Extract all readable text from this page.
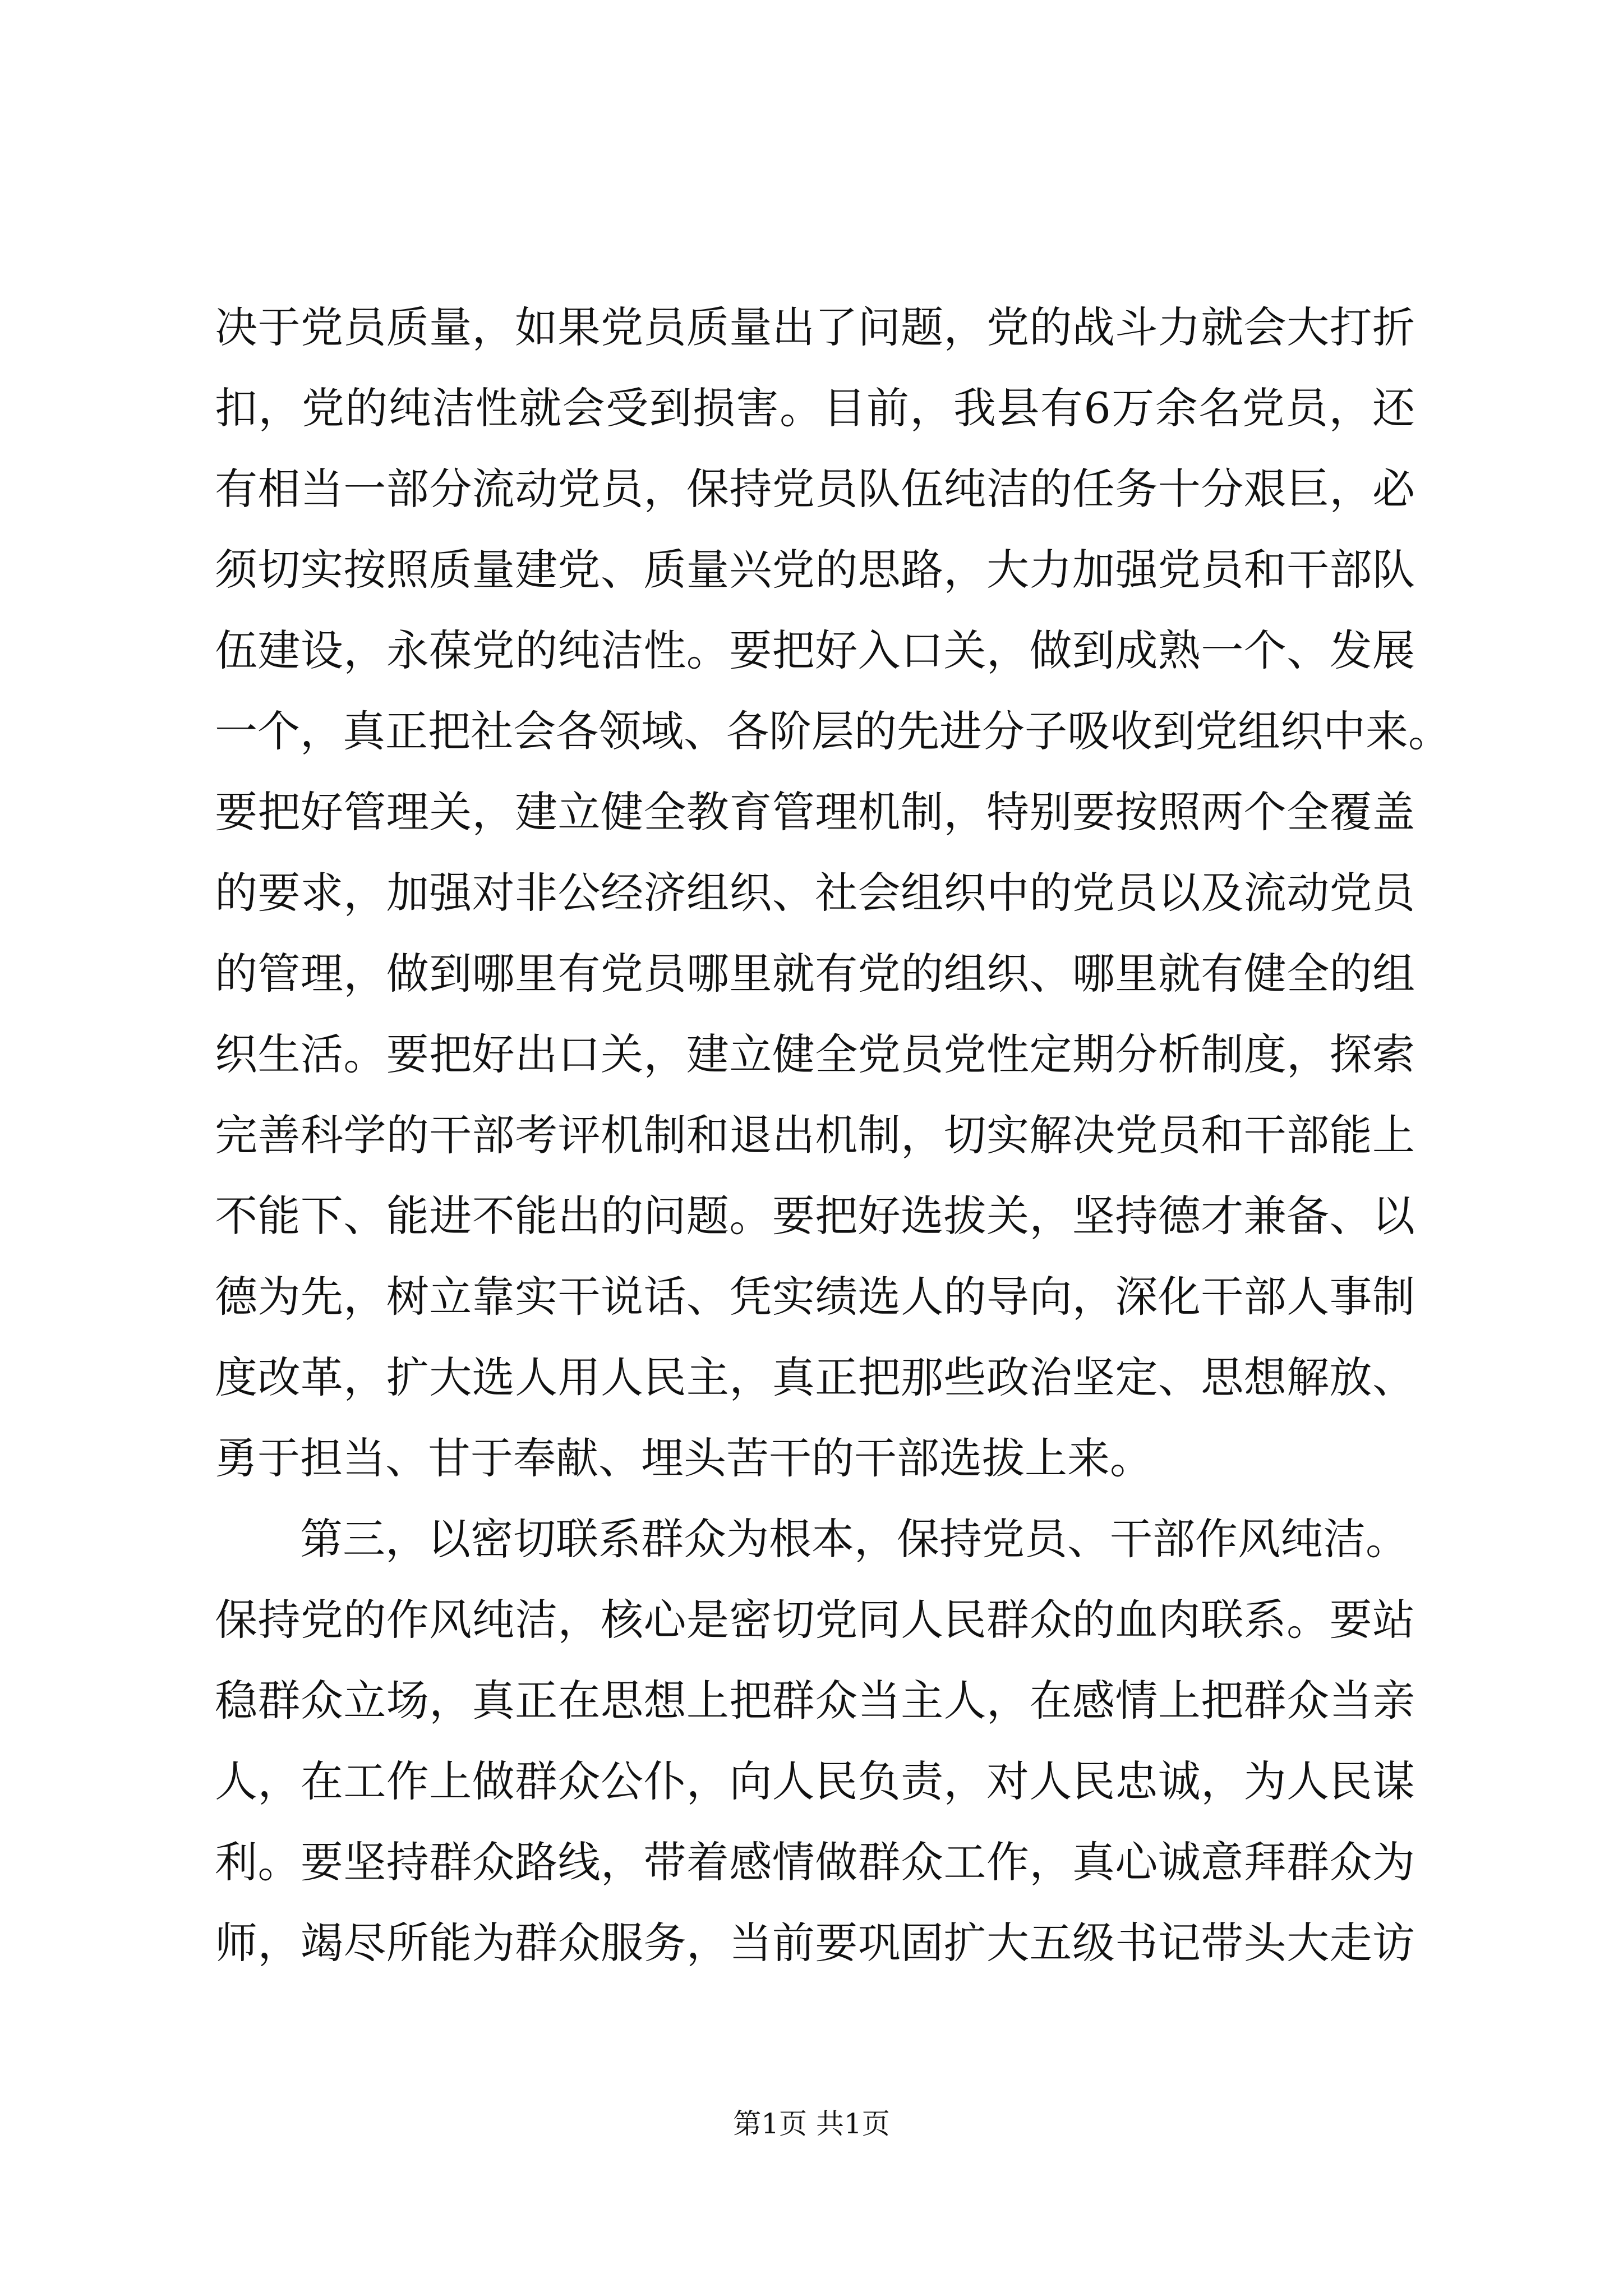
决于党员质量，如果党员质量出了问题，党的战斗力就会大打折
扣，党的纯洁性就会受到损害。目前，我县有6万余名党员，还
有相当一部分流动党员，保持党员队伍纯洁的任务十分艰巨，必
须切实按照质量建党、质量兴党的思路，大力加强党员和干部队
伍建设，永葆党的纯洁性。要把好入口关，做到成熟一个、发展
一个，真正把社会各领域、各阶层的先进分子吸收到党组织中来。
要把好管理关，建立健全教育管理机制，特别要按照两个全覆盖
的要求，加强对非公经济组织、社会组织中的党员以及流动党员
的管理，做到哪里有党员哪里就有党的组织、哪里就有健全的组
织生活。要把好出口关，建立健全党员党性定期分析制度，探索
完善科学的干部考评机制和退出机制，切实解决党员和干部能上
不能下、能进不能出的问题。要把好选拔关，坚持德才兼备、以
德为先，树立靠实干说话、凭实绩选人的导向，深化干部人事制
度改革，扩大选人用人民主，真正把那些政治坚定、思想解放、
勇于担当、甘于奉献、埋头苦干的干部选拔上来。
第三，以密切联系群众为根本，保持党员、干部作风纯洁。
保持党的作风纯洁，核心是密切党同人民群众的血肉联系。要站
稳群众立场，真正在思想上把群众当主人，在感情上把群众当亲
人，在工作上做群众公仆，向人民负责，对人民忠诚，为人民谋
利。要坚持群众路线，带着感情做群众工作，真心诚意拜群众为
师，竭尽所能为群众服务，当前要巩固扩大五级书记带头大走访
第1页 共1页
